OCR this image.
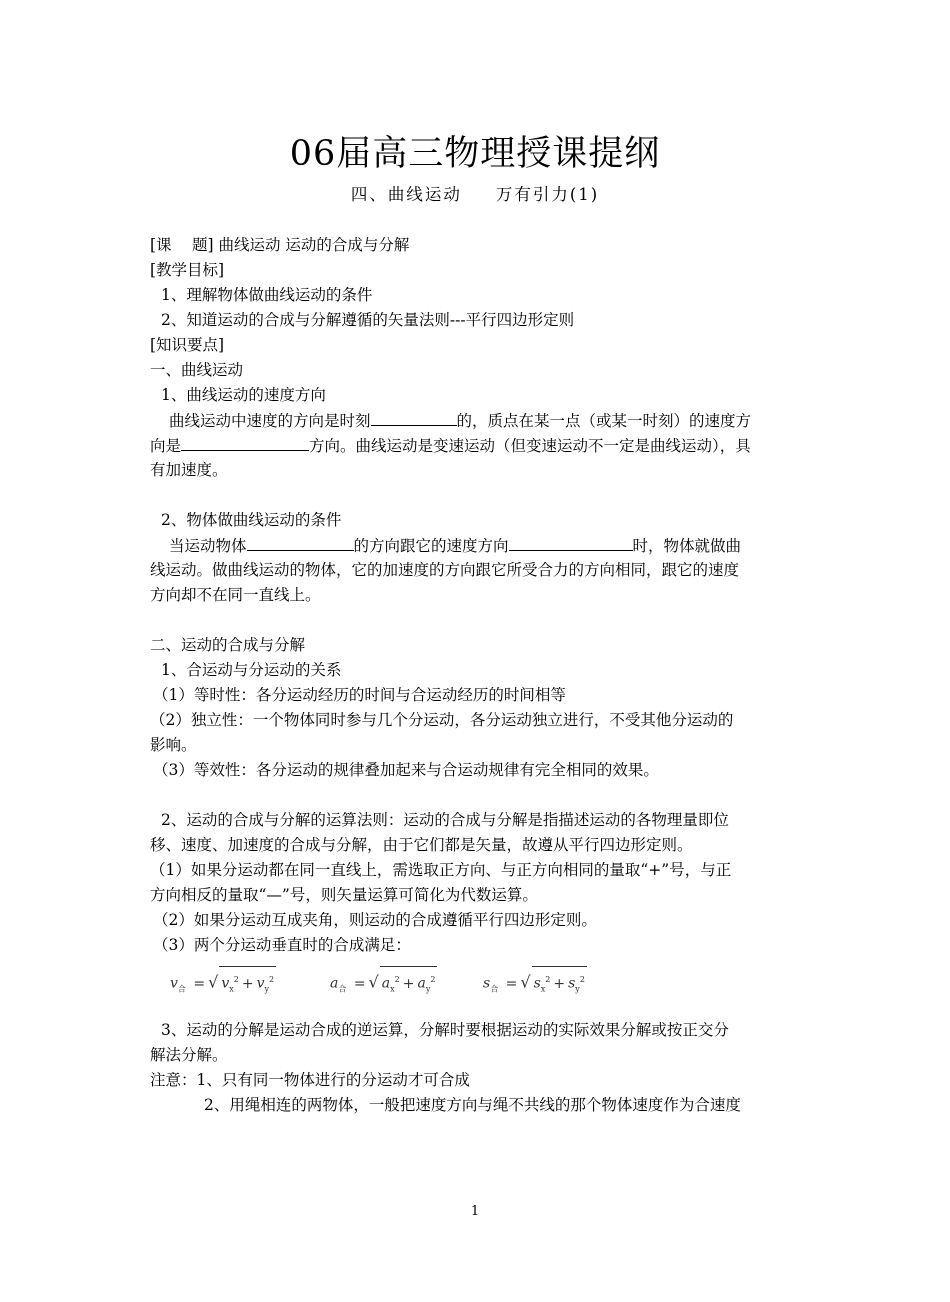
06届高三物理授课提纲
四、曲线运动 万有引力(1)
[课　 题] 曲线运动 运动的合成与分解
[教学目标]
1、理解物体做曲线运动的条件
2、知道运动的合成与分解遵循的矢量法则---平行四边形定则
[知识要点]
一、曲线运动
1、曲线运动的速度方向
曲线运动中速度的方向是时刻	的，质点在某一点（或某一时刻）的速度方
向是	方向。曲线运动是变速运动（但变速运动不一定是曲线运动），具
有加速度。
2、物体做曲线运动的条件
当运动物体	的方向跟它的速度方向	时，物体就做曲
线运动。做曲线运动的物体，它的加速度的方向跟它所受合力的方向相同，跟它的速度
方向却不在同一直线上。
二、运动的合成与分解
1、合运动与分运动的关系
（1）等时性：各分运动经历的时间与合运动经历的时间相等
（2）独立性：一个物体同时参与几个分运动，各分运动独立进行，不受其他分运动的
影响。
（3）等效性：各分运动的规律叠加起来与合运动规律有完全相同的效果。
2、运动的合成与分解的运算法则：运动的合成与分解是指描述运动的各物理量即位
移、速度、加速度的合成与分解，由于它们都是矢量，故遵从平行四边形定则。
（1）如果分运动都在同一直线上，需选取正方向、与正方向相同的量取“+”号，与正
方向相反的量取“—”号，则矢量运算可简化为代数运算。
（2）如果分运动互成夹角，则运动的合成遵循平行四边形定则。
（3）两个分运动垂直时的合成满足：
$v_合$ = √ $v_x^2 + v_y^2$	$a_合$ = √ $a_x^2 + a_y^2$	$s_合$ = √ $s_x^2 + s_y^2$
3、运动的分解是运动合成的逆运算，分解时要根据运动的实际效果分解或按正交分
解法分解。
注意：1、只有同一物体进行的分运动才可合成
2、用绳相连的两物体，一般把速度方向与绳不共线的那个物体速度作为合速度
1
